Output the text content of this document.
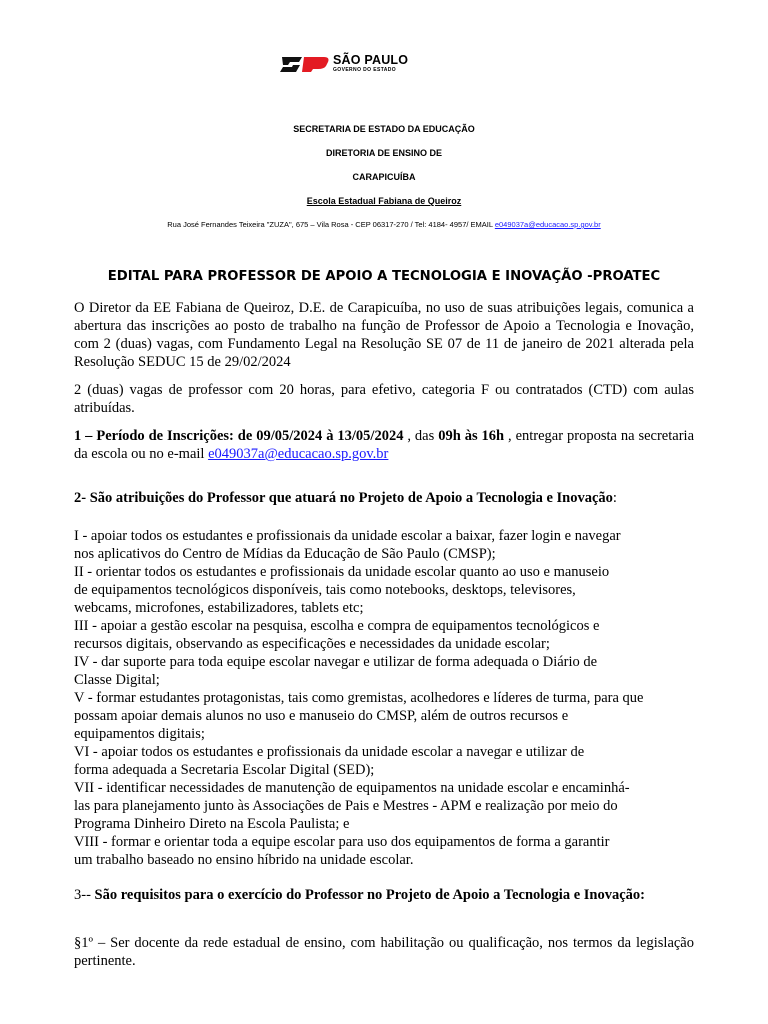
SÃO PAULO
GOVERNO DO ESTADO
SECRETARIA DE ESTADO DA EDUCAÇÃO
DIRETORIA DE ENSINO DE
CARAPICUÍBA
Escola Estadual Fabiana de Queiroz
Rua José Fernandes Teixeira "ZUZA", 675 – Vila Rosa - CEP 06317-270 / Tel: 4184- 4957/ EMAIL e049037a@educacao.sp.gov.br
EDITAL PARA PROFESSOR DE APOIO A TECNOLOGIA E INOVAÇÃO -PROATEC
O Diretor da EE Fabiana de Queiroz, D.E. de Carapicuíba, no uso de suas atribuições legais, comunica a abertura das inscrições ao posto de trabalho na função de Professor de Apoio a Tecnologia e Inovação, com 2 (duas) vagas, com Fundamento Legal na Resolução SE 07 de 11 de janeiro de 2021 alterada pela Resolução SEDUC 15 de 29/02/2024
2 (duas) vagas de professor com 20 horas, para efetivo, categoria F ou contratados (CTD) com aulas atribuídas.
1 – Período de Inscrições: de 09/05/2024 à 13/05/2024 , das 09h às 16h , entregar proposta na secretaria da escola ou no e-mail e049037a@educacao.sp.gov.br
2- São atribuições do Professor que atuará no Projeto de Apoio a Tecnologia e Inovação:
I - apoiar todos os estudantes e profissionais da unidade escolar a baixar, fazer login e navegar
nos aplicativos do Centro de Mídias da Educação de São Paulo (CMSP);
II - orientar todos os estudantes e profissionais da unidade escolar quanto ao uso e manuseio
de equipamentos tecnológicos disponíveis, tais como notebooks, desktops, televisores,
webcams, microfones, estabilizadores, tablets etc;
III - apoiar a gestão escolar na pesquisa, escolha e compra de equipamentos tecnológicos e
recursos digitais, observando as especificações e necessidades da unidade escolar;
IV - dar suporte para toda equipe escolar navegar e utilizar de forma adequada o Diário de
Classe Digital;
V - formar estudantes protagonistas, tais como gremistas, acolhedores e líderes de turma, para que
possam apoiar demais alunos no uso e manuseio do CMSP, além de outros recursos e
equipamentos digitais;
VI - apoiar todos os estudantes e profissionais da unidade escolar a navegar e utilizar de
forma adequada a Secretaria Escolar Digital (SED);
VII - identificar necessidades de manutenção de equipamentos na unidade escolar e encaminhá-
las para planejamento junto às Associações de Pais e Mestres - APM e realização por meio do
Programa Dinheiro Direto na Escola Paulista; e
VIII - formar e orientar toda a equipe escolar para uso dos equipamentos de forma a garantir
um trabalho baseado no ensino híbrido na unidade escolar.
3-- São requisitos para o exercício do Professor no Projeto de Apoio a Tecnologia e Inovação:
§1º – Ser docente da rede estadual de ensino, com habilitação ou qualificação, nos termos da legislação pertinente.
